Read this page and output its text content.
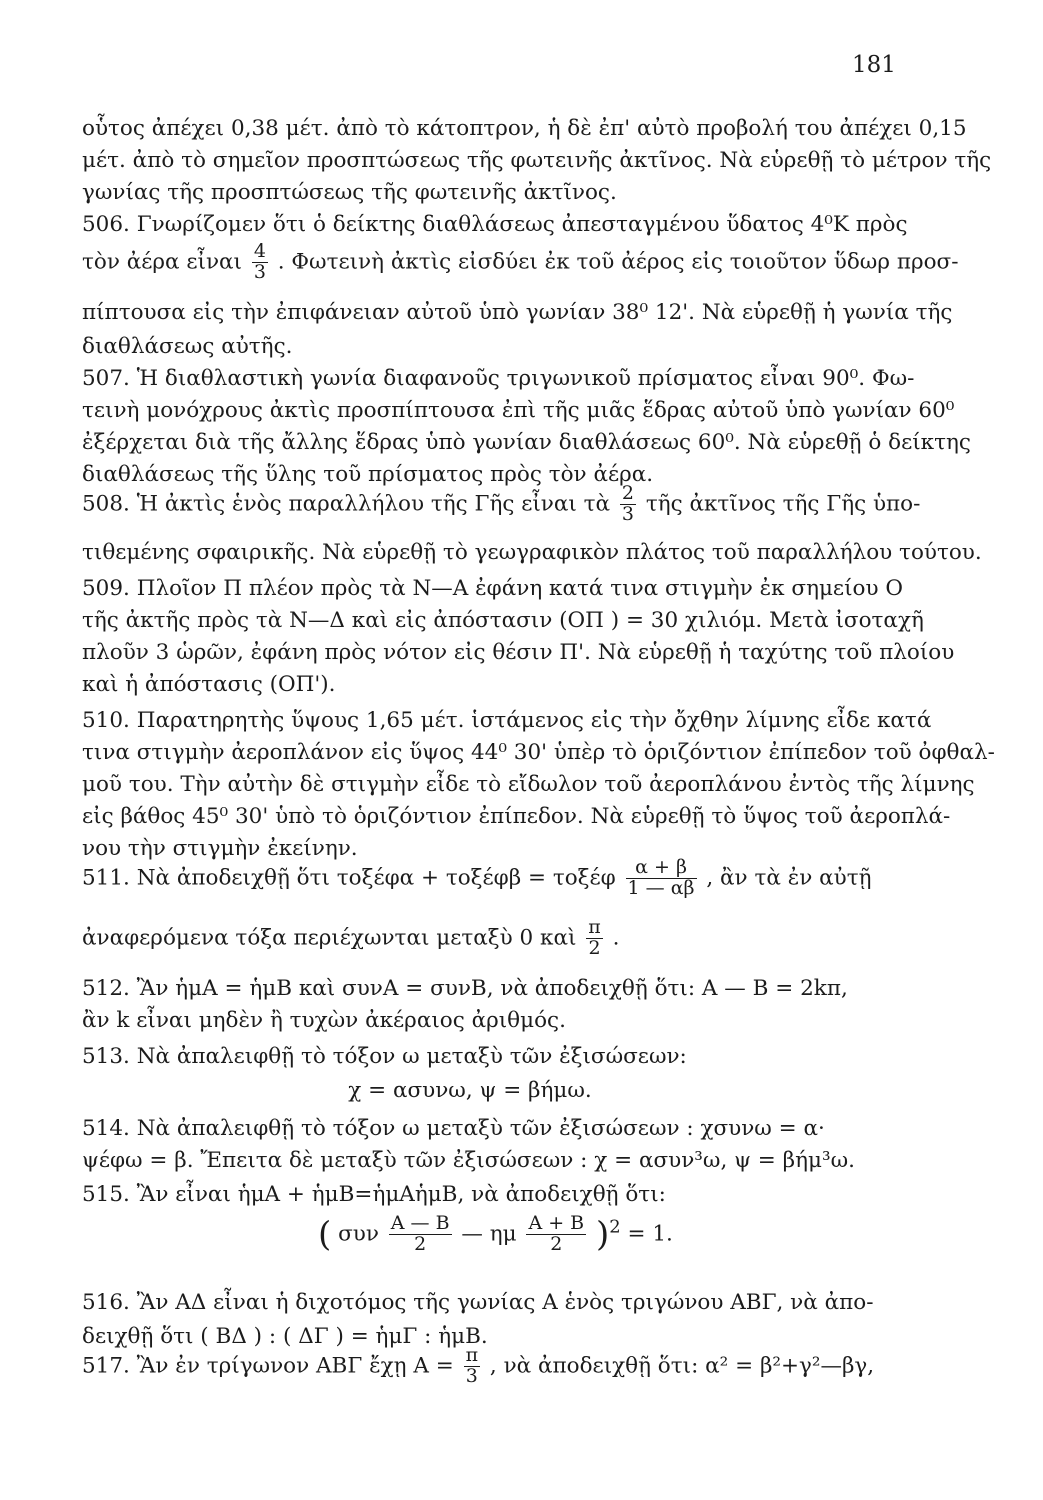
181
οὗτος ἀπέχει 0,38 μέτ. ἀπὸ τὸ κάτοπτρον, ἡ δὲ ἐπ' αὐτὸ προβολή του ἀπέχει 0,15
μέτ. ἀπὸ τὸ σημεῖον προσπτώσεως τῆς φωτεινῆς ἀκτῖνος. Νὰ εὑρεθῇ τὸ μέτρον τῆς
γωνίας τῆς προσπτώσεως τῆς φωτεινῆς ἀκτῖνος.
506. Γνωρίζομεν ὅτι ὁ δείκτης διαθλάσεως ἀπεσταγμένου ὕδατος 4⁰Κ πρὸς
τὸν ἀέρα εἶναι $\frac{4}{3}$ . Φωτεινὴ ἀκτὶς εἰσδύει ἐκ τοῦ ἀέρος εἰς τοιοῦτον ὕδωρ προσ-
πίπτουσα εἰς τὴν ἐπιφάνειαν αὐτοῦ ὑπὸ γωνίαν 38⁰ 12'. Νὰ εὑρεθῇ ἡ γωνία τῆς
διαθλάσεως αὐτῆς.
507. Ἡ διαθλαστικὴ γωνία διαφανοῦς τριγωνικοῦ πρίσματος εἶναι 90⁰. Φω-
τεινὴ μονόχρους ἀκτὶς προσπίπτουσα ἐπὶ τῆς μιᾶς ἕδρας αὐτοῦ ὑπὸ γωνίαν 60⁰
ἐξέρχεται διὰ τῆς ἄλλης ἕδρας ὑπὸ γωνίαν διαθλάσεως 60⁰. Νὰ εὑρεθῇ ὁ δείκτης
διαθλάσεως τῆς ὕλης τοῦ πρίσματος πρὸς τὸν ἀέρα.
508. Ἡ ἀκτὶς ἑνὸς παραλλήλου τῆς Γῆς εἶναι τὰ $\frac{2}{3}$ τῆς ἀκτῖνος τῆς Γῆς ὑπο-
τιθεμένης σφαιρικῆς. Νὰ εὑρεθῇ τὸ γεωγραφικὸν πλάτος τοῦ παραλλήλου τούτου.
509. Πλοῖον Π πλέον πρὸς τὰ Ν—Α ἐφάνη κατά τινα στιγμὴν ἐκ σημείου Ο
τῆς ἀκτῆς πρὸς τὰ Ν—Δ καὶ εἰς ἀπόστασιν (ΟΠ ) = 30 χιλιόμ. Μετὰ ἰσοταχῆ
πλοῦν 3 ὡρῶν, ἐφάνη πρὸς νότον εἰς θέσιν Π'. Νὰ εὑρεθῇ ἡ ταχύτης τοῦ πλοίου
καὶ ἡ ἀπόστασις (ΟΠ').
510. Παρατηρητὴς ὕψους 1,65 μέτ. ἱστάμενος εἰς τὴν ὄχθην λίμνης εἶδε κατά
τινα στιγμὴν ἀεροπλάνον εἰς ὕψος 44⁰ 30' ὑπὲρ τὸ ὁριζόντιον ἐπίπεδον τοῦ ὀφθαλ-
μοῦ του. Τὴν αὐτὴν δὲ στιγμὴν εἶδε τὸ εἴδωλον τοῦ ἀεροπλάνου ἐντὸς τῆς λίμνης
εἰς βάθος 45⁰ 30' ὑπὸ τὸ ὁριζόντιον ἐπίπεδον. Νὰ εὑρεθῇ τὸ ὕψος τοῦ ἀεροπλά-
νου τὴν στιγμὴν ἐκείνην.
511. Νὰ ἀποδειχθῇ ὅτι τοξέφα + τοξέφβ = τοξέφ $\frac{\alpha + \beta}{1 — \alpha\beta}$ , ἂν τὰ ἐν αὐτῇ
ἀναφερόμενα τόξα περιέχωνται μεταξὺ 0 καὶ $\frac{\pi}{2}$ .
512. Ἂν ἡμΑ = ἡμΒ καὶ συνΑ = συνΒ, νὰ ἀποδειχθῇ ὅτι: Α — Β = 2kπ,
ἂν k εἶναι μηδὲν ἢ τυχὼν ἀκέραιος ἀριθμός.
513. Νὰ ἀπαλειφθῇ τὸ τόξον ω μεταξὺ τῶν ἐξισώσεων:
χ = ασυνω, ψ = βήμω.
514. Νὰ ἀπαλειφθῇ τὸ τόξον ω μεταξὺ τῶν ἐξισώσεων : χσυνω = α·
ψέφω = β. Ἔπειτα δὲ μεταξὺ τῶν ἐξισώσεων : χ = ασυν³ω, ψ = βήμ³ω.
515. Ἂν εἶναι ἡμΑ + ἡμΒ=ἡμΑἡμΒ, νὰ ἀποδειχθῇ ὅτι:
( συν $\frac{A — B}{2}$ — ημ $\frac{A + B}{2} )^2 = 1$.
516. Ἂν ΑΔ εἶναι ἡ διχοτόμος τῆς γωνίας Α ἑνὸς τριγώνου ΑΒΓ, νὰ ἀπο-
δειχθῇ ὅτι ( ΒΔ ) : ( ΔΓ ) = ἡμΓ : ἡμΒ.
517. Ἂν ἐν τρίγωνον ΑΒΓ ἔχῃ $A = \frac{\pi}{3}$ , νὰ ἀποδειχθῇ ὅτι: α² = β²+γ²—βγ,
